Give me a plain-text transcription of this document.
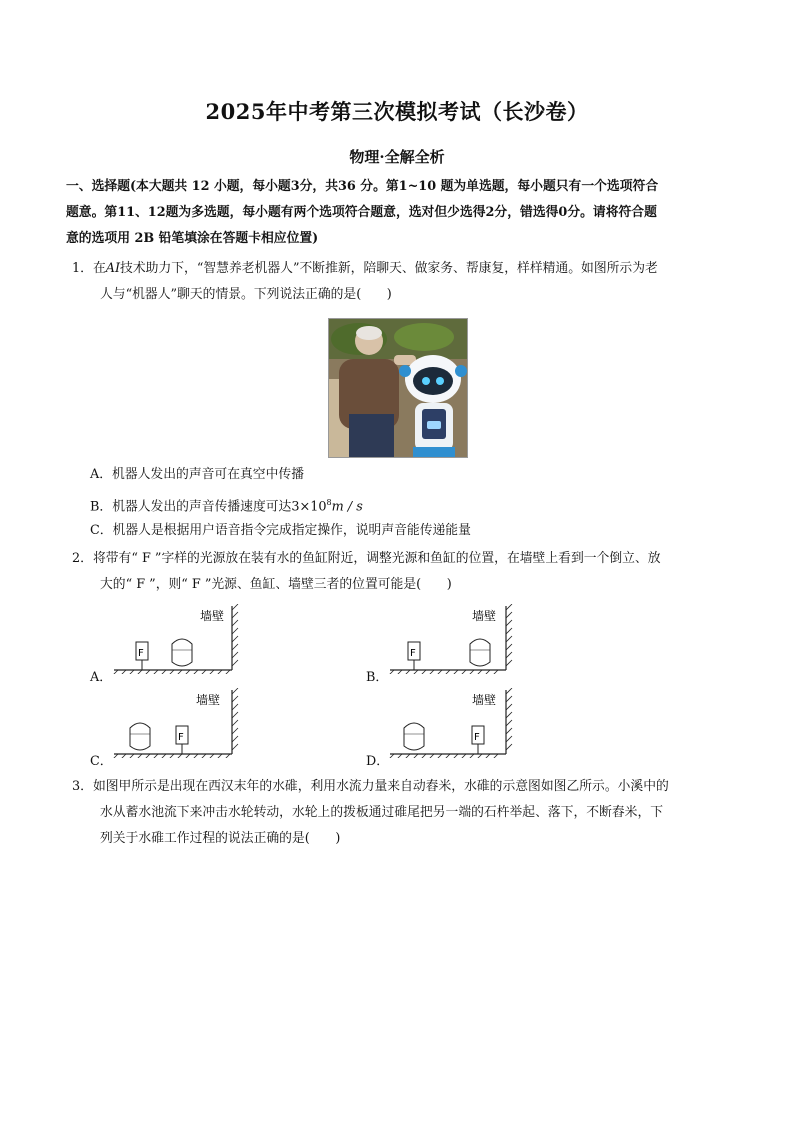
2025年中考第三次模拟考试（长沙卷）
物理·全解全析
一、选择题(本大题共 12 小题，每小题3分，共36 分。第1~10 题为单选题，每小题只有一个选项符合
题意。第11、12题为多选题，每小题有两个选项符合题意，选对但少选得2分，错选得0分。请将符合题
意的选项用 2B 铅笔填涂在答题卡相应位置)
1．在AI技术助力下，“智慧养老机器人”不断推新，陪聊天、做家务、帮康复，样样精通。如图所示为老
人与“机器人”聊天的情景。下列说法正确的是(　　)
A．机器人发出的声音可在真空中传播
B．机器人发出的声音传播速度可达$3\times 10^8m / s$
C．机器人是根据用户语音指令完成指定操作，说明声音能传递能量
2．将带有“ F ”字样的光源放在装有水的鱼缸附近，调整光源和鱼缸的位置，在墙壁上看到一个倒立、放
大的“ F ”，则“ F ”光源、鱼缸、墙壁三者的位置可能是(　　)
A．
墙壁
F
B．
墙壁
F
C．
墙壁
F
D．
墙壁
F
3．如图甲所示是出现在西汉末年的水碓，利用水流力量来自动舂米，水碓的示意图如图乙所示。小溪中的
水从蓄水池流下来冲击水轮转动，水轮上的拨板通过碓尾把另一端的石杵举起、落下，不断舂米，下
列关于水碓工作过程的说法正确的是(　　)
